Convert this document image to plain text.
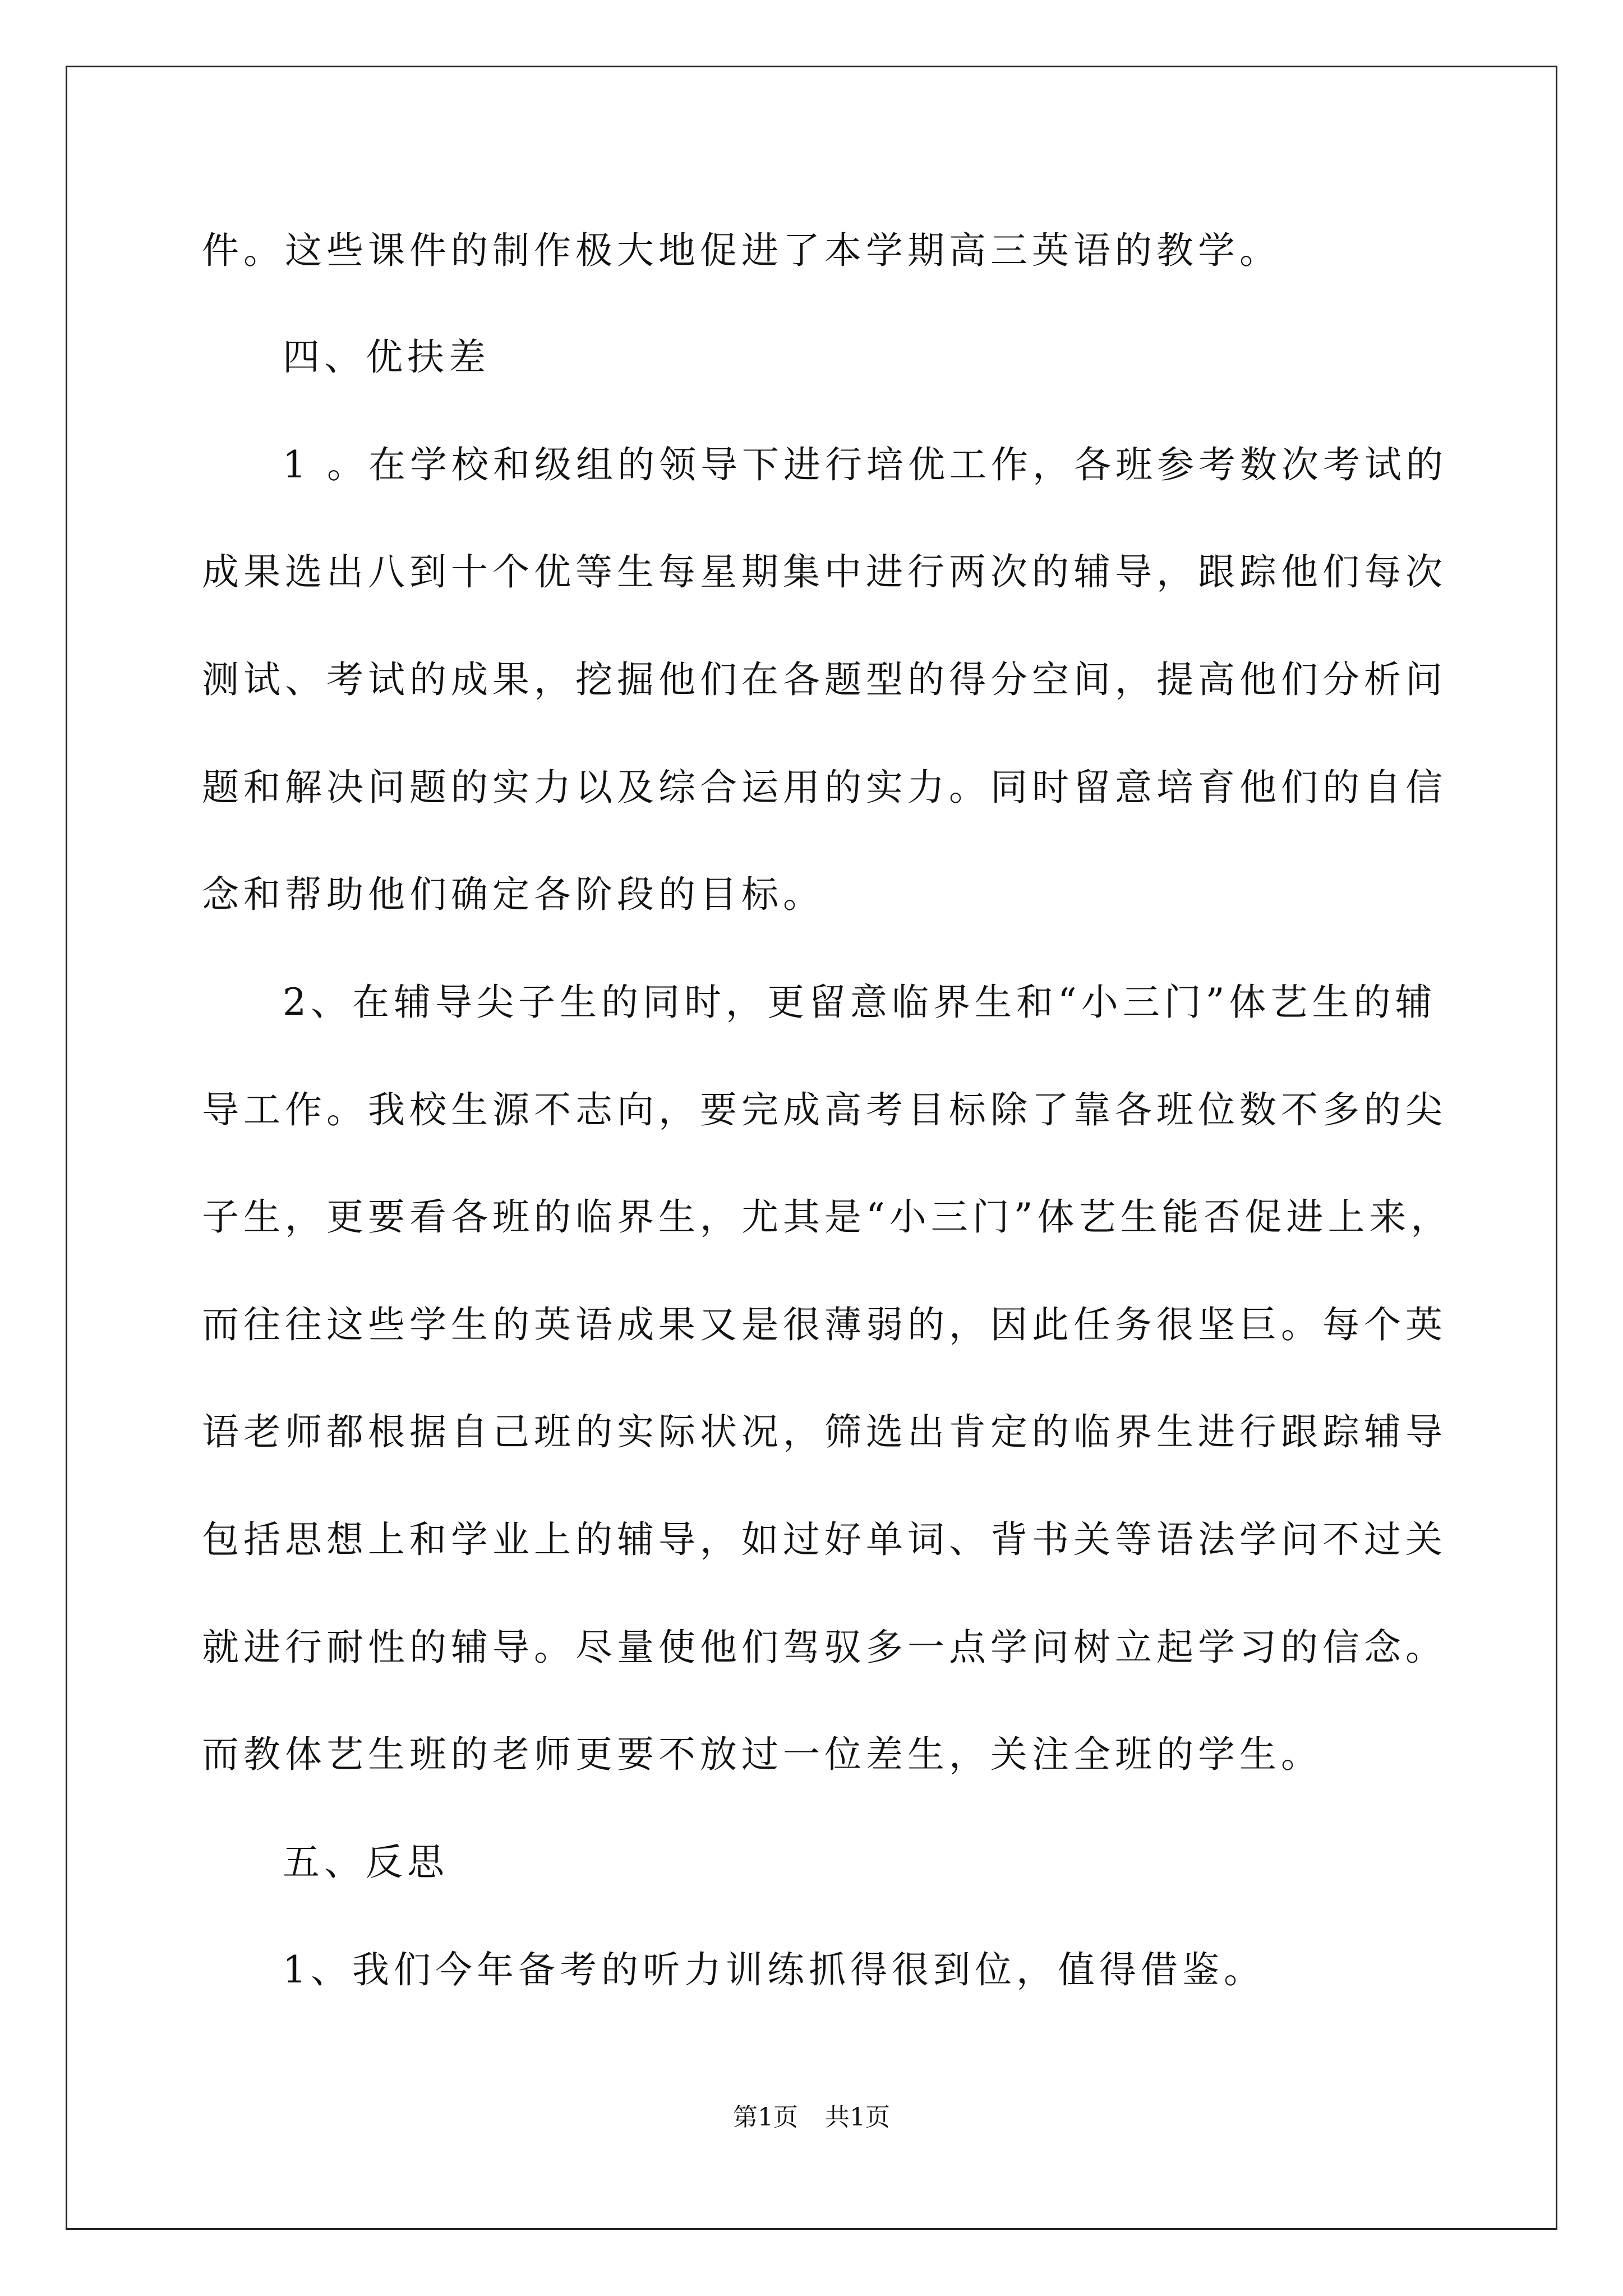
件。这些课件的制作极大地促进了本学期高三英语的教学。
四、优扶差
1 。在学校和级组的领导下进行培优工作，各班参考数次考试的
成果选出八到十个优等生每星期集中进行两次的辅导，跟踪他们每次
测试、考试的成果，挖掘他们在各题型的得分空间，提高他们分析问
题和解决问题的实力以及综合运用的实力。同时留意培育他们的自信
念和帮助他们确定各阶段的目标。
2、在辅导尖子生的同时，更留意临界生和“小三门”体艺生的辅
导工作。我校生源不志向，要完成高考目标除了靠各班位数不多的尖
子生，更要看各班的临界生，尤其是“小三门”体艺生能否促进上来，
而往往这些学生的英语成果又是很薄弱的，因此任务很坚巨。每个英
语老师都根据自己班的实际状况，筛选出肯定的临界生进行跟踪辅导
包括思想上和学业上的辅导，如过好单词、背书关等语法学问不过关
就进行耐性的辅导。尽量使他们驾驭多一点学问树立起学习的信念。
而教体艺生班的老师更要不放过一位差生，关注全班的学生。
五、反思
1、我们今年备考的听力训练抓得很到位，值得借鉴。
第1页 共1页
